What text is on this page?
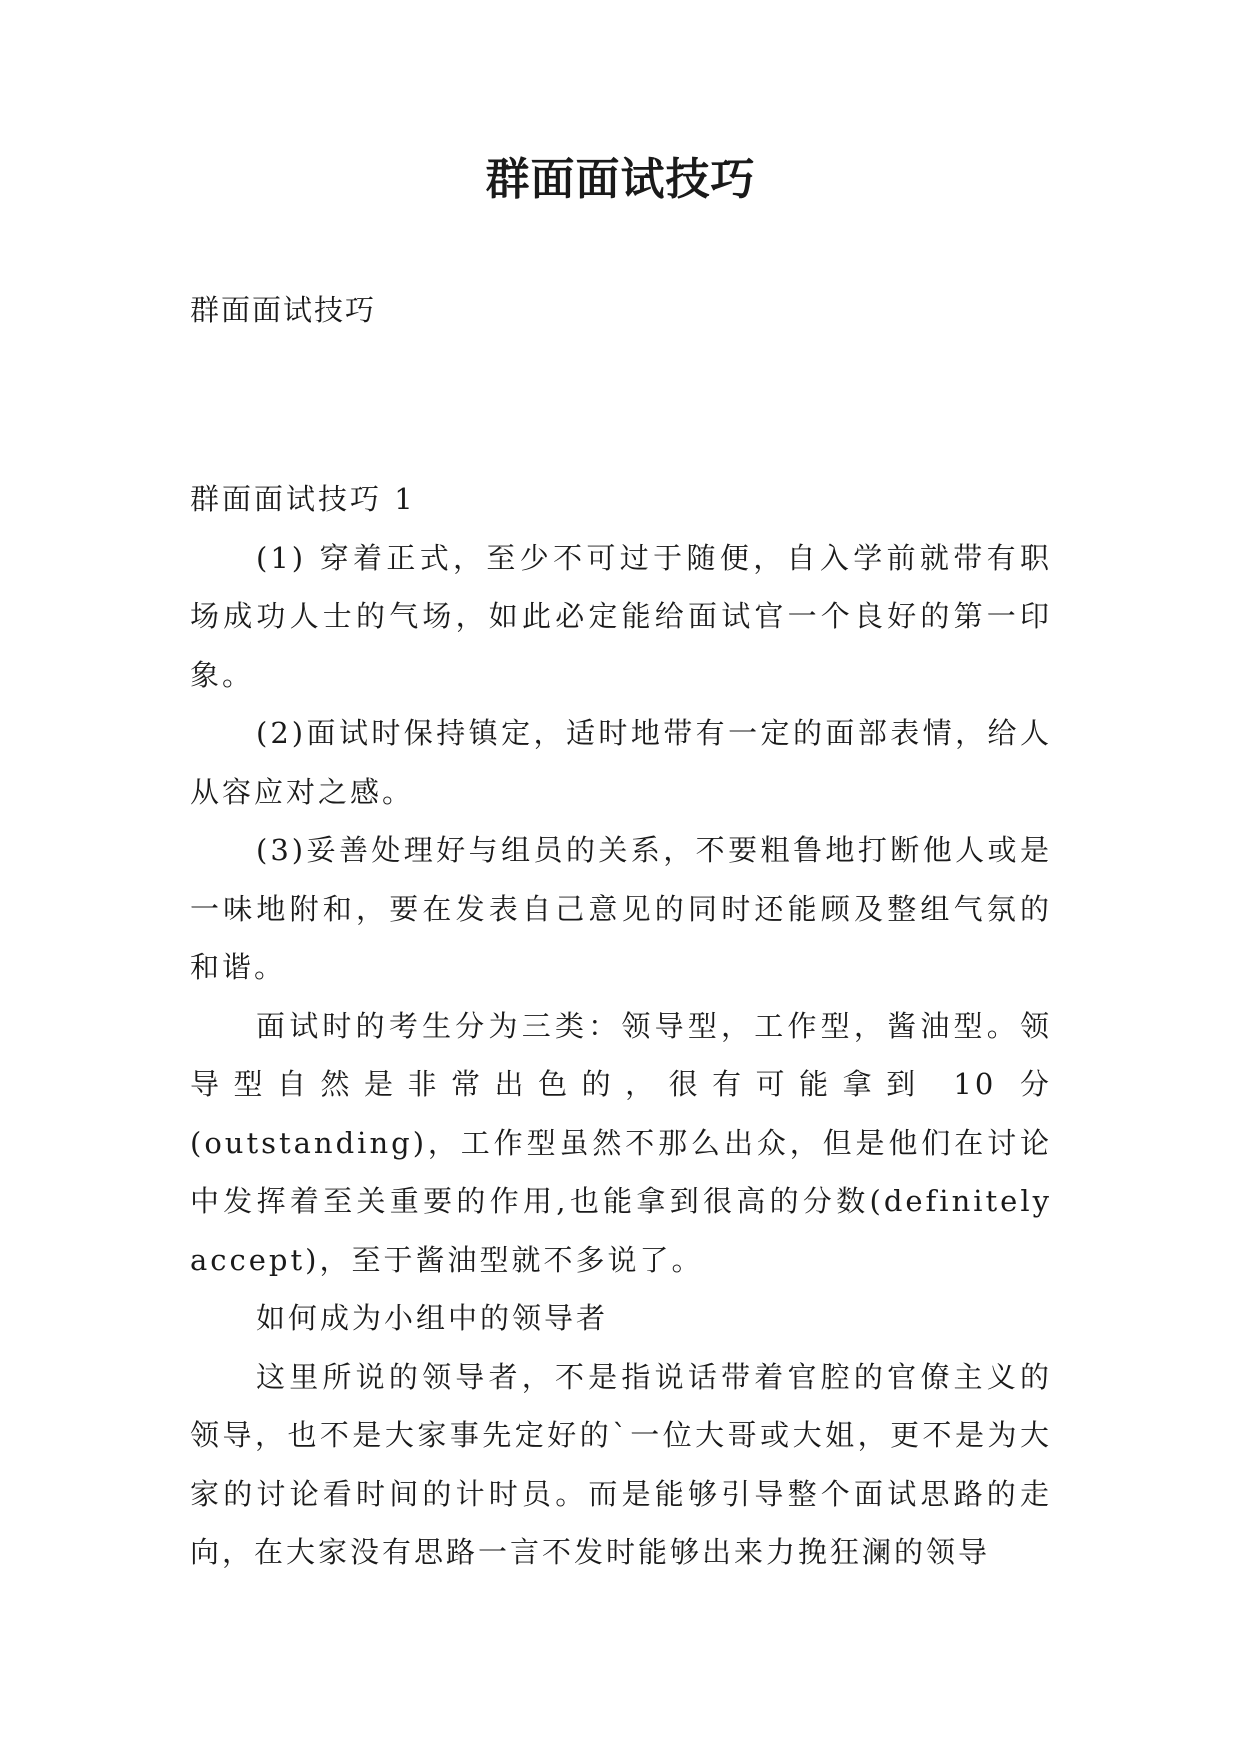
群面面试技巧

群面面试技巧

群面面试技巧 1

(1) 穿着正式，至少不可过于随便，自入学前就带有职场成功人士的气场，如此必定能给面试官一个良好的第一印象。

(2)面试时保持镇定，适时地带有一定的面部表情，给人从容应对之感。

(3)妥善处理好与组员的关系，不要粗鲁地打断他人或是一味地附和，要在发表自己意见的同时还能顾及整组气氛的和谐。

面试时的考生分为三类：领导型，工作型，酱油型。领导型自然是非常出色的，很有可能拿到 10 分(outstanding)，工作型虽然不那么出众，但是他们在讨论中发挥着至关重要的作用,也能拿到很高的分数(definitely accept)，至于酱油型就不多说了。

如何成为小组中的领导者

这里所说的领导者，不是指说话带着官腔的官僚主义的领导，也不是大家事先定好的`一位大哥或大姐，更不是为大家的讨论看时间的计时员。而是能够引导整个面试思路的走向，在大家没有思路一言不发时能够出来力挽狂澜的领导
